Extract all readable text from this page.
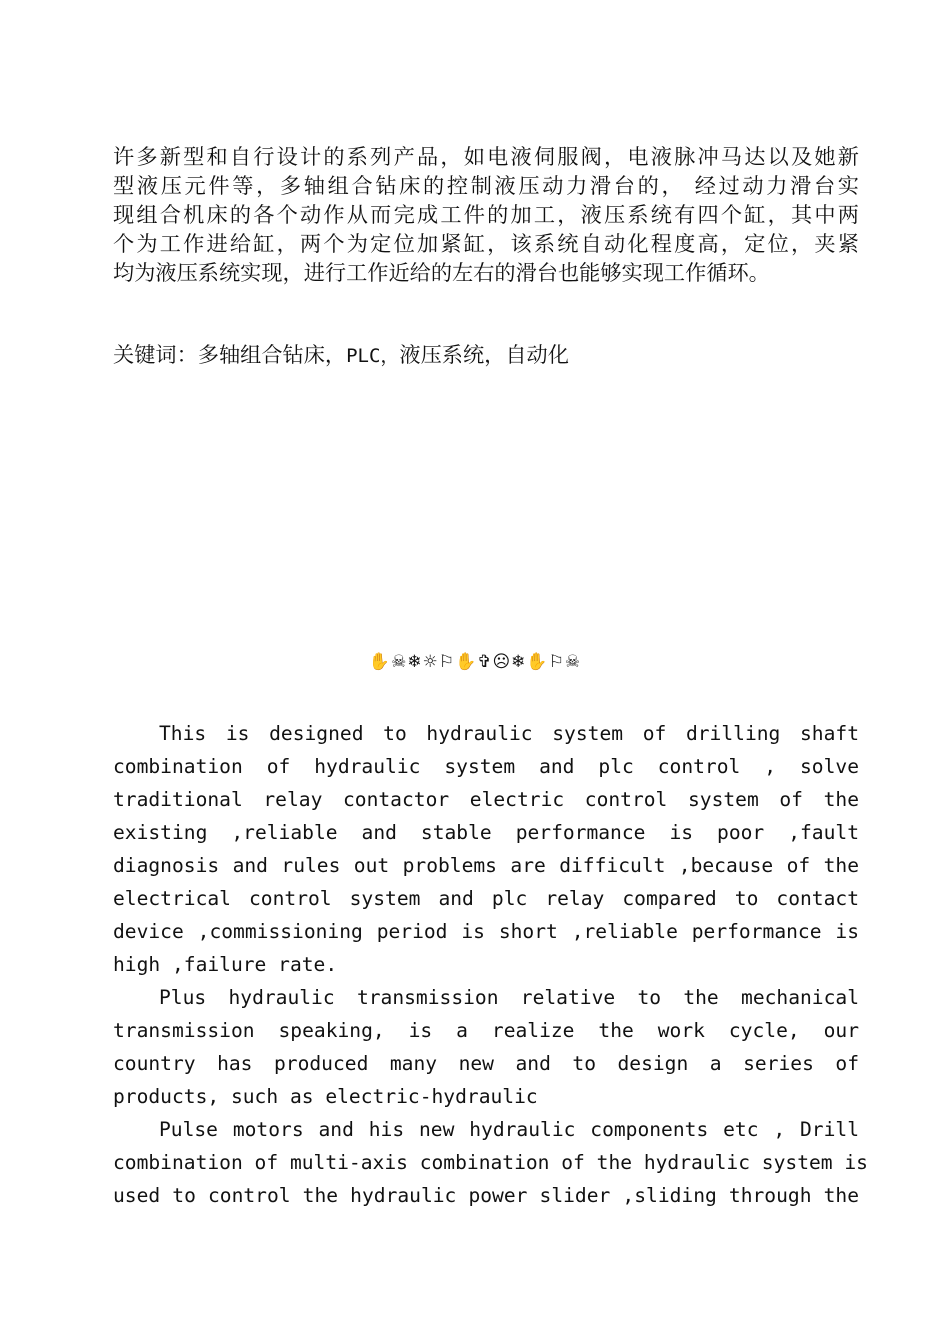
许多新型和自行设计的系列产品，如电液伺服阀，电液脉冲马达以及她新
型液压元件等，多轴组合钻床的控制液压动力滑台的， 经过动力滑台实
现组合机床的各个动作从而完成工件的加工，液压系统有四个缸，其中两
个为工作进给缸，两个为定位加紧缸，该系统自动化程度高，定位，夹紧
均为液压系统实现，进行工作近给的左右的滑台也能够实现工作循环。
关键词：多轴组合钻床，PLC，液压系统，自动化
✋☠❄☼⚐✋✞☹❄✋⚐☠
This is designed to hydraulic system of drilling shaft
combination of hydraulic system and plc control , solve
traditional relay contactor electric control system of the
existing ,reliable and stable performance is poor ,fault
diagnosis and rules out problems are difficult ,because of the
electrical control system and plc relay compared to contact
device ,commissioning period is short ,reliable performance is
high ,failure rate.
Plus hydraulic transmission relative to the mechanical
transmission speaking, is a realize the work cycle, our
country has produced many new and to design a series of
products, such as electric-hydraulic
Pulse motors and his new hydraulic components etc , Drill
combination of multi-axis combination of the hydraulic system is
used to control the hydraulic power slider ,sliding through the
